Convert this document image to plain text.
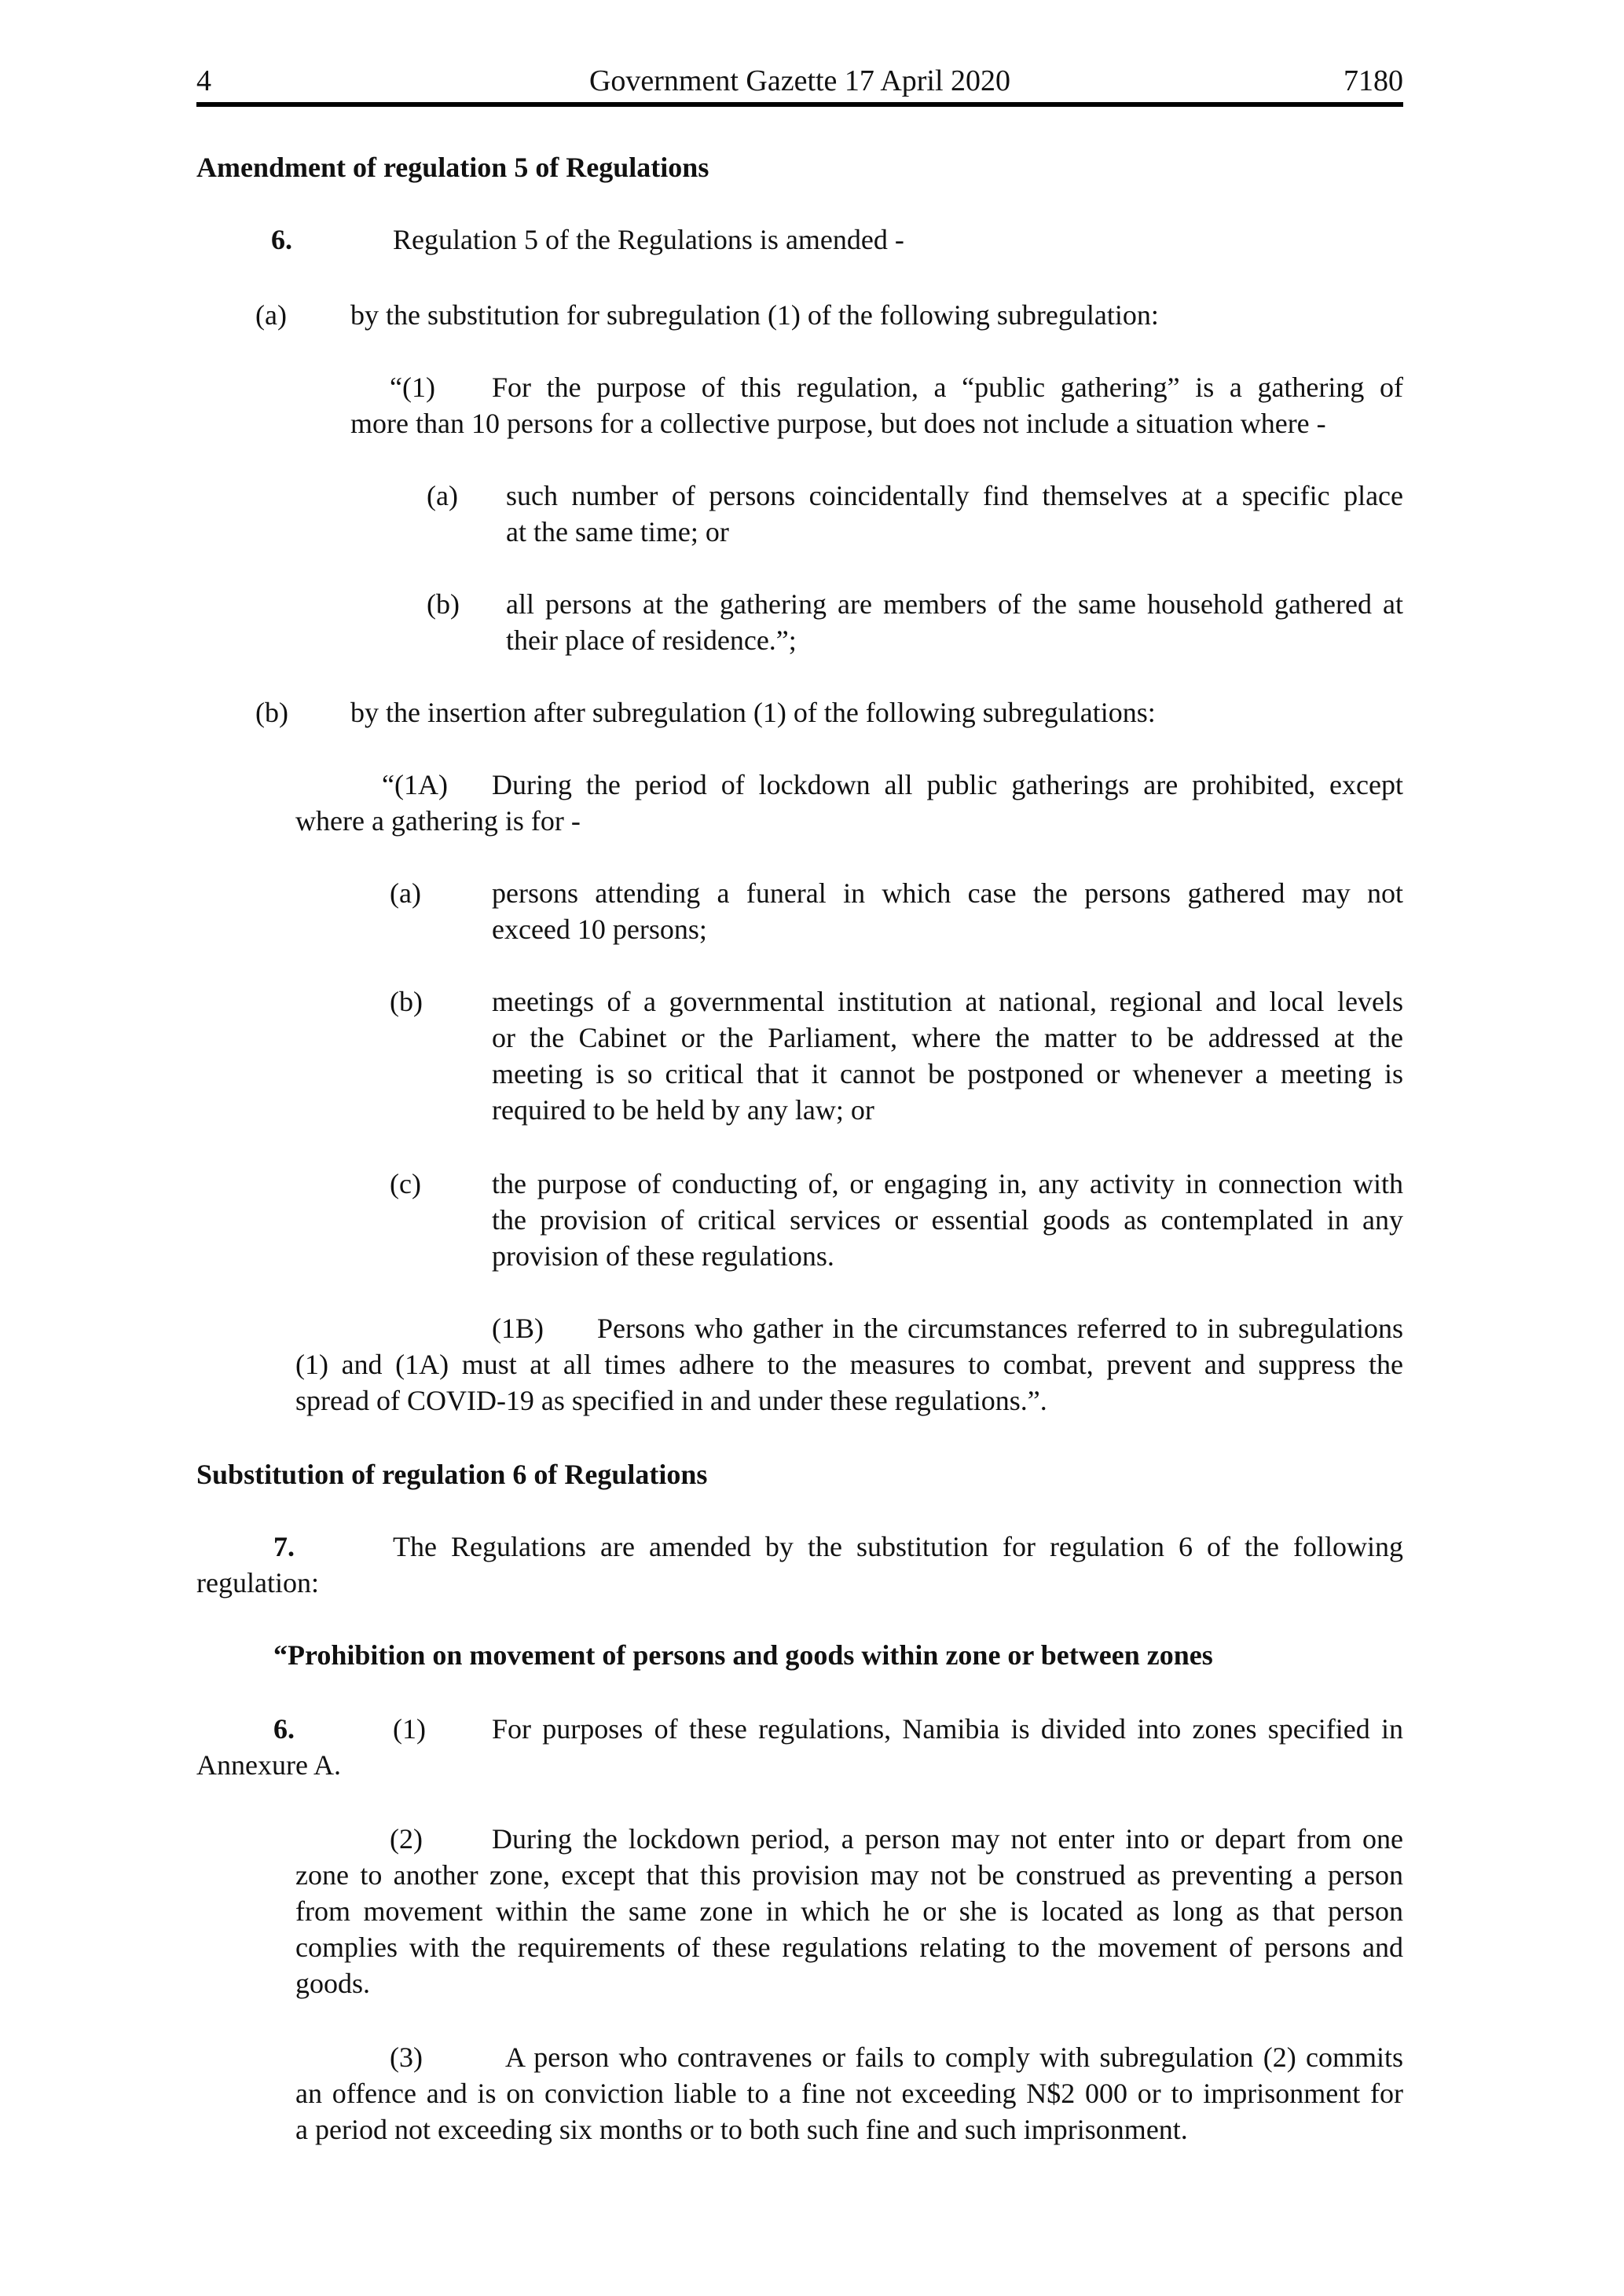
4	Government Gazette 17 April 2020	7180
Amendment of regulation 5 of Regulations
6.	Regulation 5 of the Regulations is amended -
(a) by the substitution for subregulation (1) of the following subregulation:
“(1) For the purpose of this regulation, a “public gathering” is a gathering of
more than 10 persons for a collective purpose, but does not include a situation where -
(a) such number of persons coincidentally find themselves at a specific place
at the same time; or
(b) all persons at the gathering are members of the same household gathered at
their place of residence.”;
(b) by the insertion after subregulation (1) of the following subregulations:
“(1A) During the period of lockdown all public gatherings are prohibited, except
where a gathering is for -
(a)	persons attending a funeral in which case the persons gathered may not
exceed 10 persons;
(b) meetings of a governmental institution at national, regional and local levels
or the Cabinet or the Parliament, where the matter to be addressed at the
meeting is so critical that it cannot be postponed or whenever a meeting is
required to be held by any law; or
(c)	the purpose of conducting of, or engaging in, any activity in connection with
the provision of critical services or essential goods as contemplated in any
provision of these regulations.
(1B) Persons who gather in the circumstances referred to in subregulations
(1) and (1A) must at all times adhere to the measures to combat, prevent and suppress the
spread of COVID-19 as specified in and under these regulations.”.
Substitution of regulation 6 of Regulations
7.	The Regulations are amended by the substitution for regulation 6 of the following
regulation:
“Prohibition on movement of persons and goods within zone or between zones
6.	(1) For purposes of these regulations, Namibia is divided into zones specified in
Annexure A.
(2) During the lockdown period, a person may not enter into or depart from one
zone to another zone, except that this provision may not be construed as preventing a person
from movement within the same zone in which he or she is located as long as that person
complies with the requirements of these regulations relating to the movement of persons and
goods.
(3)	A person who contravenes or fails to comply with subregulation (2) commits
an offence and is on conviction liable to a fine not exceeding N$2 000 or to imprisonment for
a period not exceeding six months or to both such fine and such imprisonment.
